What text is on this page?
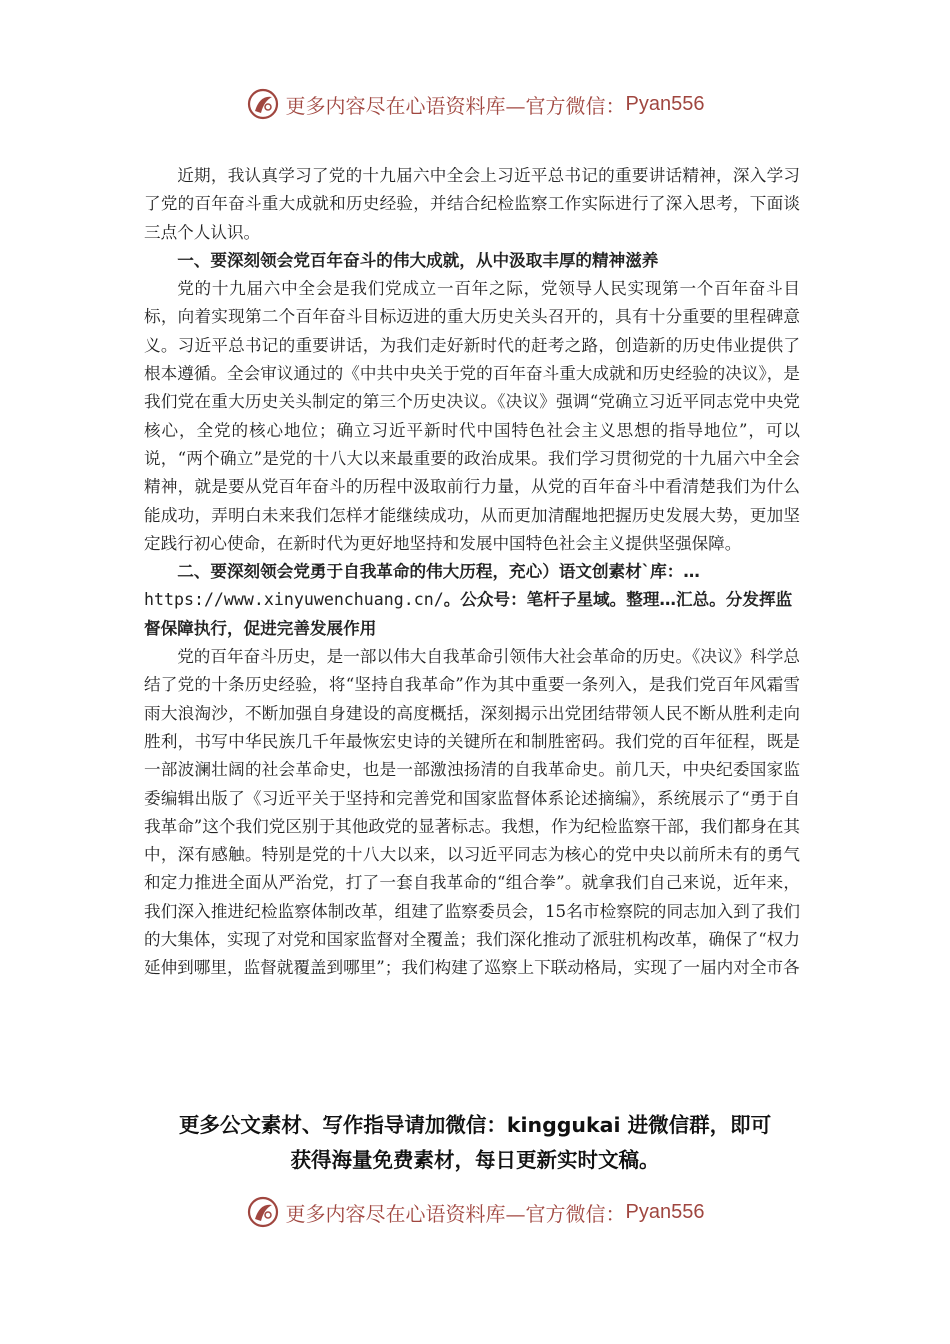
更多内容尽在心语资料库—官方微信： Pyan556

近期，我认真学习了党的十九届六中全会上习近平总书记的重要讲话精神，深入学习了党的百年奋斗重大成就和历史经验，并结合纪检监察工作实际进行了深入思考，下面谈三点个人认识。

一、要深刻领会党百年奋斗的伟大成就，从中汲取丰厚的精神滋养

党的十九届六中全会是我们党成立一百年之际，党领导人民实现第一个百年奋斗目标，向着实现第二个百年奋斗目标迈进的重大历史关头召开的，具有十分重要的里程碑意义。习近平总书记的重要讲话，为我们走好新时代的赶考之路，创造新的历史伟业提供了根本遵循。全会审议通过的《中共中央关于党的百年奋斗重大成就和历史经验的决议》，是我们党在重大历史关头制定的第三个历史决议。《决议》强调“党确立习近平同志党中央党核心，全党的核心地位；确立习近平新时代中国特色社会主义思想的指导地位”，可以说，“两个确立”是党的十八大以来最重要的政治成果。我们学习贯彻党的十九届六中全会精神，就是要从党百年奋斗的历程中汲取前行力量，从党的百年奋斗中看清楚我们为什么能成功，弄明白未来我们怎样才能继续成功，从而更加清醒地把握历史发展大势，更加坚定践行初心使命，在新时代为更好地坚持和发展中国特色社会主义提供坚强保障。

二、要深刻领会党勇于自我革命的伟大历程，充心）语文创素材`库：…https://www.xinyuwenchuang.cn/。公众号：笔杆子星域。整理…汇总。分发挥监督保障执行，促进完善发展作用

党的百年奋斗历史，是一部以伟大自我革命引领伟大社会革命的历史。《决议》科学总结了党的十条历史经验，将“坚持自我革命”作为其中重要一条列入，是我们党百年风霜雪雨大浪淘沙，不断加强自身建设的高度概括，深刻揭示出党团结带领人民不断从胜利走向胜利，书写中华民族几千年最恢宏史诗的关键所在和制胜密码。我们党的百年征程，既是一部波澜壮阔的社会革命史，也是一部激浊扬清的自我革命史。前几天，中央纪委国家监委编辑出版了《习近平关于坚持和完善党和国家监督体系论述摘编》，系统展示了“勇于自我革命”这个我们党区别于其他政党的显著标志。我想，作为纪检监察干部，我们都身在其中，深有感触。特别是党的十八大以来，以习近平同志为核心的党中央以前所未有的勇气和定力推进全面从严治党，打了一套自我革命的“组合拳”。就拿我们自己来说，近年来，我们深入推进纪检监察体制改革，组建了监察委员会，15名市检察院的同志加入到了我们的大集体，实现了对党和国家监督对全覆盖；我们深化推动了派驻机构改革，确保了“权力延伸到哪里，监督就覆盖到哪里”；我们构建了巡察上下联动格局，实现了一届内对全市各

更多公文素材、写作指导请加微信：kinggukai 进微信群，即可
获得海量免费素材，每日更新实时文稿。
更多内容尽在心语资料库—官方微信： Pyan556
